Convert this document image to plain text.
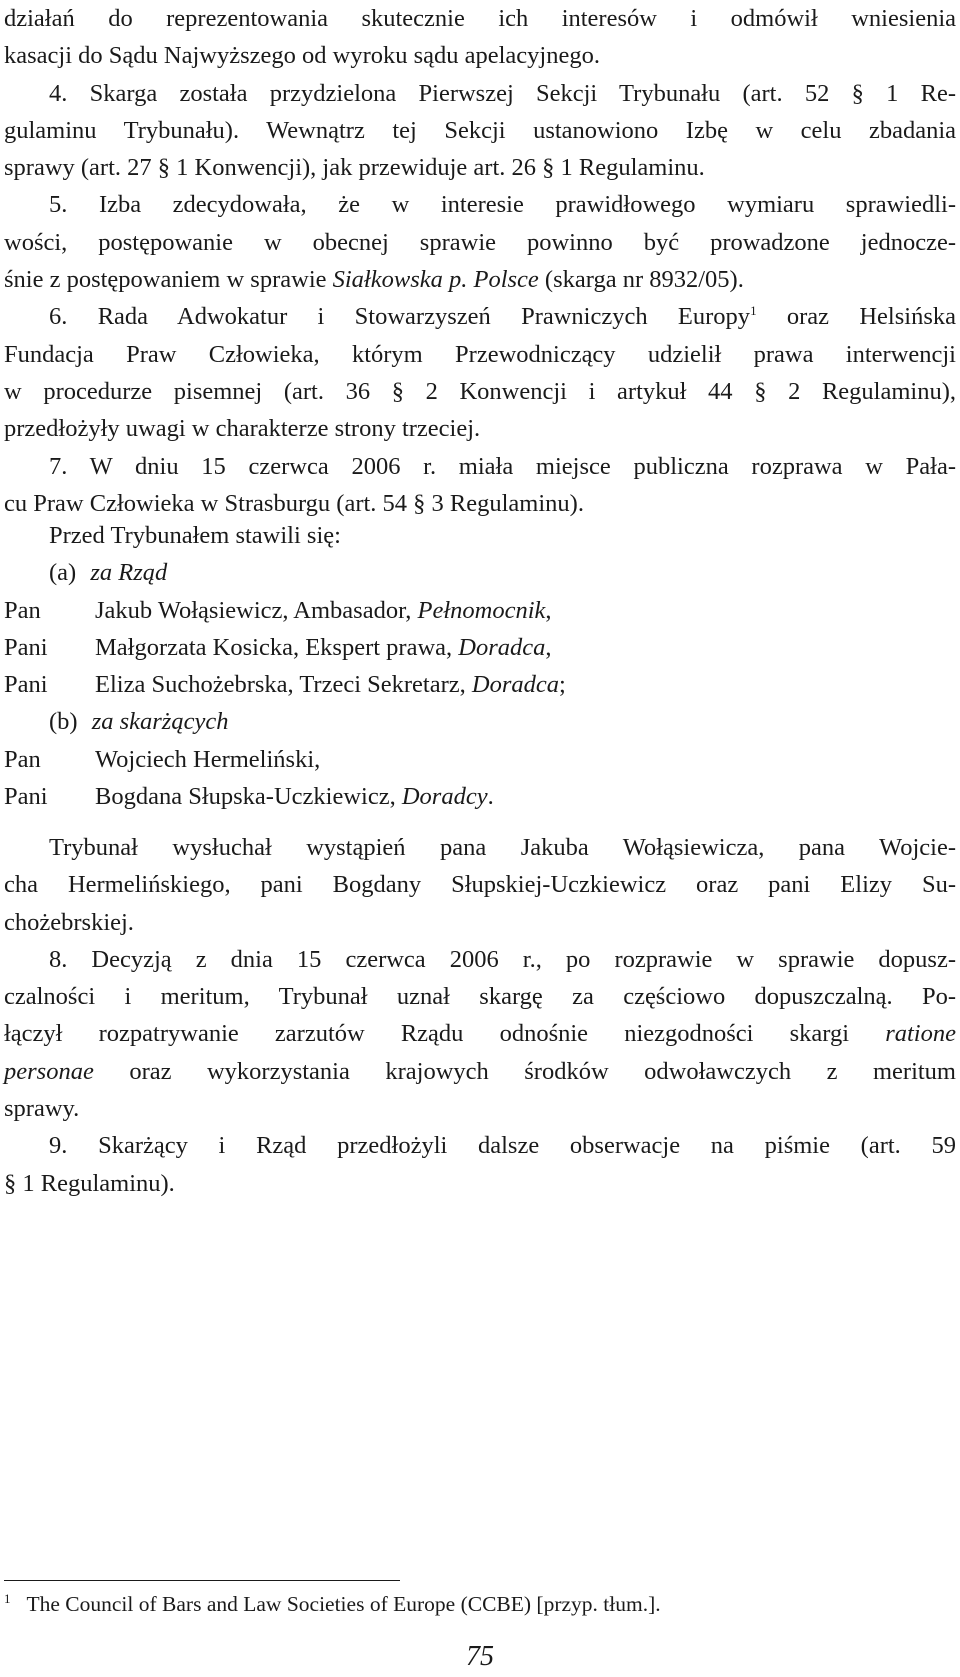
działań do reprezentowania skutecznie ich interesów i odmówił wniesienia
kasacji do Sądu Najwyższego od wyroku sądu apelacyjnego.
4. Skarga została przydzielona Pierwszej Sekcji Trybunału (art. 52 § 1 Re-
gulaminu Trybunału). Wewnątrz tej Sekcji ustanowiono Izbę w celu zbadania
sprawy (art. 27 § 1 Konwencji), jak przewiduje art. 26 § 1 Regulaminu.
5. Izba zdecydowała, że w interesie prawidłowego wymiaru sprawiedli-
wości, postępowanie w obecnej sprawie powinno być prowadzone jednocze-
śnie z postępowaniem w sprawie Siałkowska p. Polsce (skarga nr 8932/05).
6. Rada Adwokatur i Stowarzyszeń Prawniczych Europy$^1$ oraz Helsińska
Fundacja Praw Człowieka, którym Przewodniczący udzielił prawa interwencji
w procedurze pisemnej (art. 36 § 2 Konwencji i artykuł 44 § 2 Regulaminu),
przedłożyły uwagi w charakterze strony trzeciej.
7. W dniu 15 czerwca 2006 r. miała miejsce publiczna rozprawa w Pała-
cu Praw Człowieka w Strasburgu (art. 54 § 3 Regulaminu).
Przed Trybunałem stawili się:
(a) za Rząd
Pan Jakub Wołąsiewicz, Ambasador, Pełnomocnik,
Pani Małgorzata Kosicka, Ekspert prawa, Doradca,
Pani Eliza Suchożebrska, Trzeci Sekretarz, Doradca;
(b) za skarżących
Pan Wojciech Hermeliński,
Pani Bogdana Słupska-Uczkiewicz, Doradcy.
Trybunał wysłuchał wystąpień pana Jakuba Wołąsiewicza, pana Wojcie-
cha Hermelińskiego, pani Bogdany Słupskiej-Uczkiewicz oraz pani Elizy Su-
chożebrskiej.
8. Decyzją z dnia 15 czerwca 2006 r., po rozprawie w sprawie dopusz-
czalności i meritum, Trybunał uznał skargę za częściowo dopuszczalną. Po-
łączył rozpatrywanie zarzutów Rządu odnośnie niezgodności skargi ratione
personae oraz wykorzystania krajowych środków odwoławczych z meritum
sprawy.
9. Skarżący i Rząd przedłożyli dalsze obserwacje na piśmie (art. 59
§ 1 Regulaminu).
$^1$ The Council of Bars and Law Societies of Europe (CCBE) [przyp. tłum.].
75
